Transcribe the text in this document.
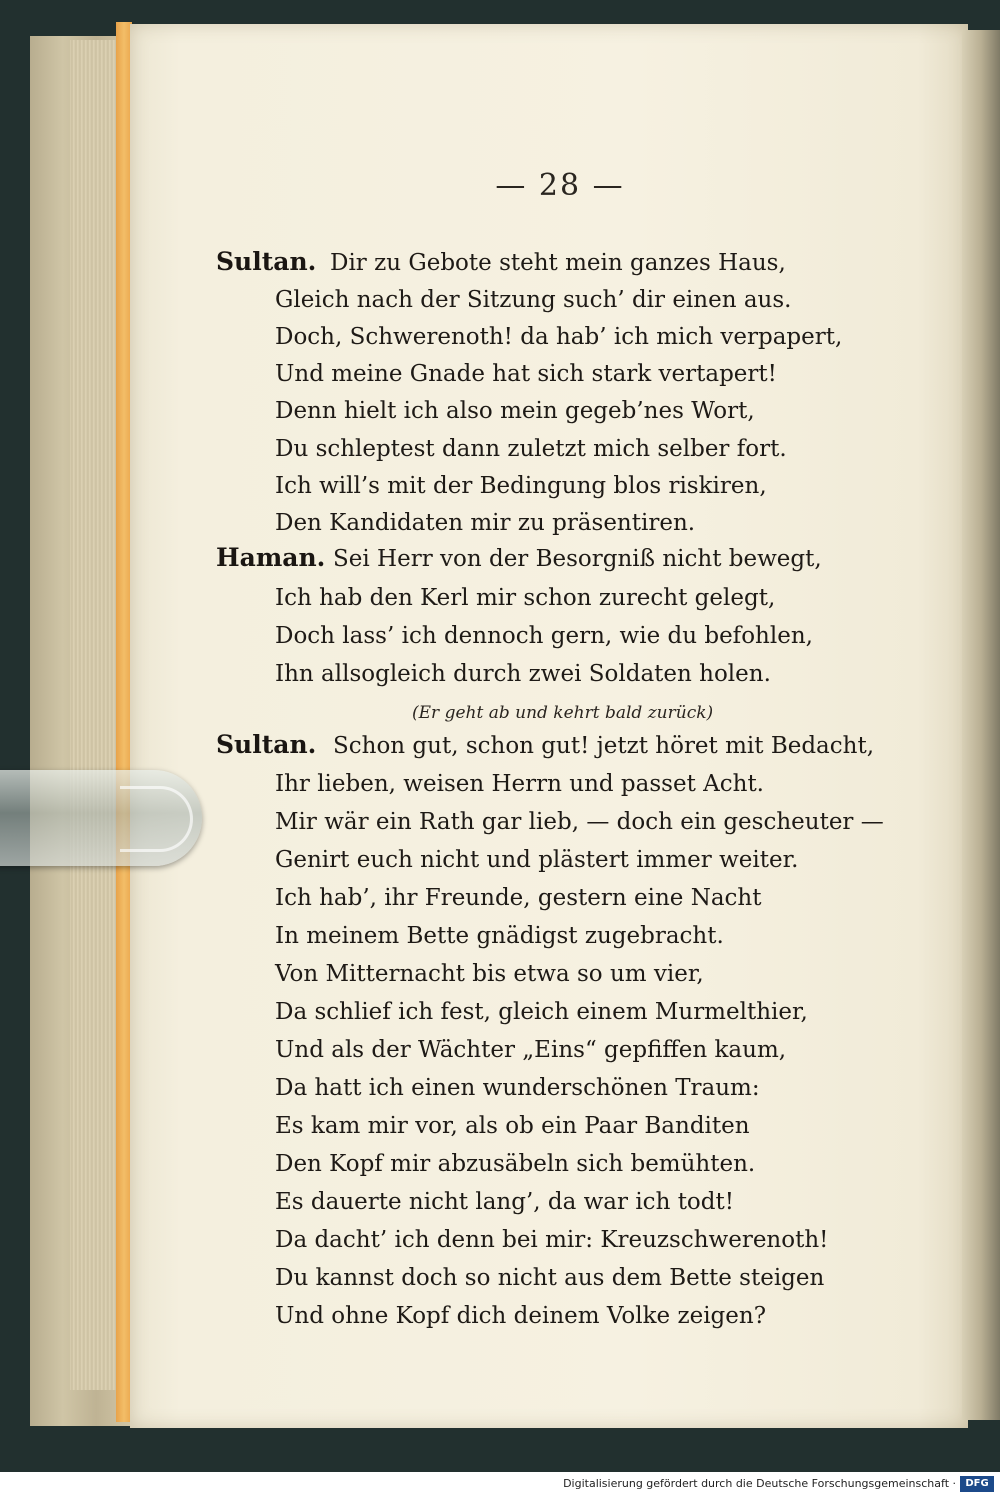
— 28 —
Sultan. Dir zu Gebote steht mein ganzes Haus,
Gleich nach der Sitzung such’ dir einen aus.
Doch, Schwerenoth! da hab’ ich mich verpapert,
Und meine Gnade hat sich stark vertapert!
Denn hielt ich also mein gegeb’nes Wort,
Du schleptest dann zuletzt mich selber fort.
Ich will’s mit der Bedingung blos riskiren,
Den Kandidaten mir zu präsentiren.
Haman. Sei Herr von der Besorgniß nicht bewegt,
Ich hab den Kerl mir schon zurecht gelegt,
Doch lass’ ich dennoch gern, wie du befohlen,
Ihn allsogleich durch zwei Soldaten holen.
(Er geht ab und kehrt bald zurück)
Sultan. Schon gut, schon gut! jetzt höret mit Bedacht,
Ihr lieben, weisen Herrn und passet Acht.
Mir wär ein Rath gar lieb, — doch ein gescheuter —
Genirt euch nicht und plästert immer weiter.
Ich hab’, ihr Freunde, gestern eine Nacht
In meinem Bette gnädigst zugebracht.
Von Mitternacht bis etwa so um vier,
Da schlief ich fest, gleich einem Murmelthier,
Und als der Wächter „Eins“ gepfiffen kaum,
Da hatt ich einen wunderschönen Traum:
Es kam mir vor, als ob ein Paar Banditen
Den Kopf mir abzusäbeln sich bemühten.
Es dauerte nicht lang’, da war ich todt!
Da dacht’ ich denn bei mir: Kreuzschwerenoth!
Du kannst doch so nicht aus dem Bette steigen
Und ohne Kopf dich deinem Volke zeigen?
Digitalisierung gefördert durch die Deutsche Forschungsgemeinschaft · DFG
